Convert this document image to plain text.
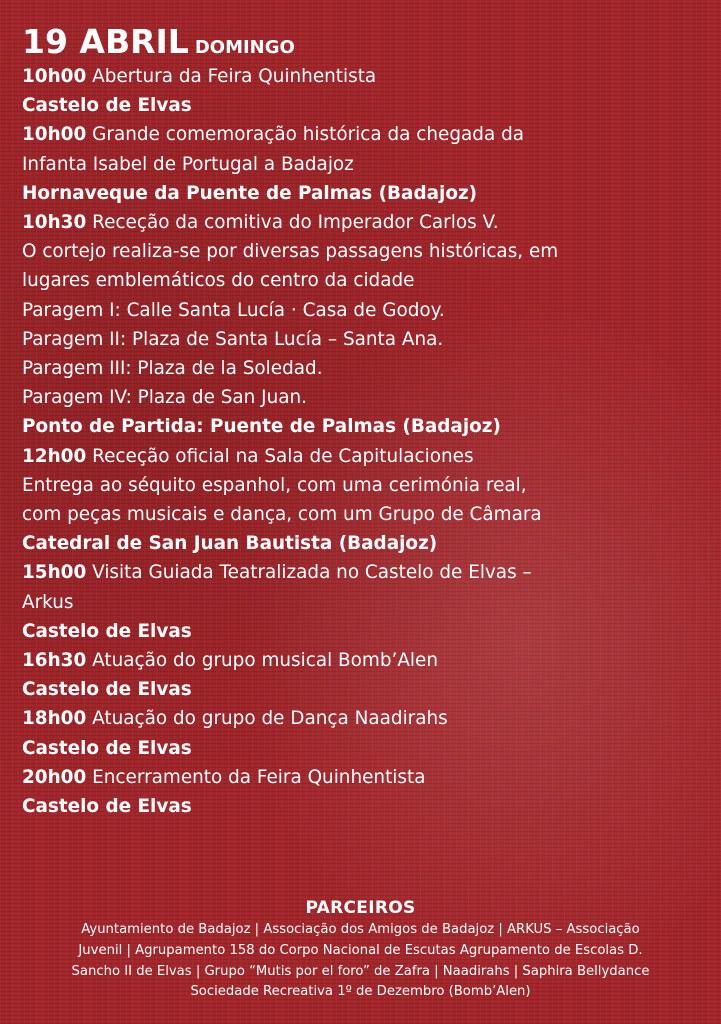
19 ABRIL DOMINGO
10h00 Abertura da Feira Quinhentista
Castelo de Elvas
10h00 Grande comemoração histórica da chegada da
Infanta Isabel de Portugal a Badajoz
Hornaveque da Puente de Palmas (Badajoz)
10h30 Receção da comitiva do Imperador Carlos V.
O cortejo realiza-se por diversas passagens históricas, em
lugares emblemáticos do centro da cidade
Paragem I: Calle Santa Lucía · Casa de Godoy.
Paragem II: Plaza de Santa Lucía – Santa Ana.
Paragem III: Plaza de la Soledad.
Paragem IV: Plaza de San Juan.
Ponto de Partida: Puente de Palmas (Badajoz)
12h00 Receção oficial na Sala de Capitulaciones
Entrega ao séquito espanhol, com uma cerimónia real,
com peças musicais e dança, com um Grupo de Câmara
Catedral de San Juan Bautista (Badajoz)
15h00 Visita Guiada Teatralizada no Castelo de Elvas –
Arkus
Castelo de Elvas
16h30 Atuação do grupo musical Bomb’Alen
Castelo de Elvas
18h00 Atuação do grupo de Dança Naadirahs
Castelo de Elvas
20h00 Encerramento da Feira Quinhentista
Castelo de Elvas
PARCEIROS
Ayuntamiento de Badajoz | Associação dos Amigos de Badajoz | ARKUS – Associação
Juvenil | Agrupamento 158 do Corpo Nacional de Escutas Agrupamento de Escolas D.
Sancho II de Elvas | Grupo “Mutis por el foro” de Zafra | Naadirahs | Saphira Bellydance
Sociedade Recreativa 1º de Dezembro (Bomb’Alen)
